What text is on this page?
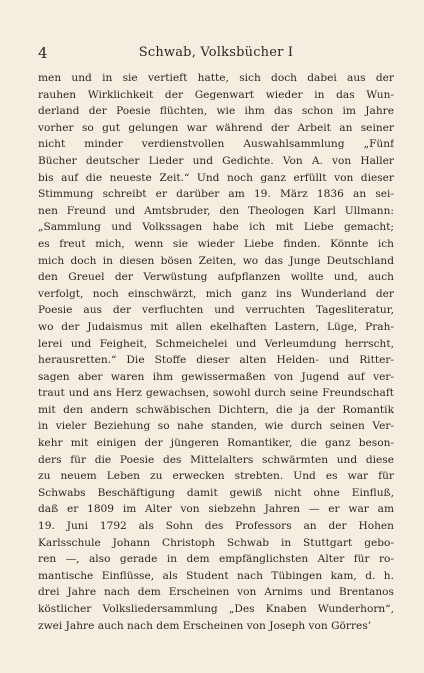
4	Schwab, Volksbücher I
men und in sie vertieft hatte, sich doch dabei aus der
rauhen Wirklichkeit der Gegenwart wieder in das Wun-
derland der Poesie flüchten, wie ihm das schon im Jahre
vorher so gut gelungen war während der Arbeit an seiner
nicht minder verdienstvollen Auswahlsammlung „Fünf
Bücher deutscher Lieder und Gedichte. Von A. von Haller
bis auf die neueste Zeit.“ Und noch ganz erfüllt von dieser
Stimmung schreibt er darüber am 19. März 1836 an sei-
nen Freund und Amtsbruder, den Theologen Karl Ullmann:
„Sammlung und Volkssagen habe ich mit Liebe gemacht;
es freut mich, wenn sie wieder Liebe finden. Könnte ich
mich doch in diesen bösen Zeiten, wo das Junge Deutschland
den Greuel der Verwüstung aufpflanzen wollte und, auch
verfolgt, noch einschwärzt, mich ganz ins Wunderland der
Poesie aus der verfluchten und verruchten Tagesliteratur,
wo der Judaismus mit allen ekelhaften Lastern, Lüge, Prah-
lerei und Feigheit, Schmeichelei und Verleumdung herrscht,
herausretten.“ Die Stoffe dieser alten Helden- und Ritter-
sagen aber waren ihm gewissermaßen von Jugend auf ver-
traut und ans Herz gewachsen, sowohl durch seine Freundschaft
mit den andern schwäbischen Dichtern, die ja der Romantik
in vieler Beziehung so nahe standen, wie durch seinen Ver-
kehr mit einigen der jüngeren Romantiker, die ganz beson-
ders für die Poesie des Mittelalters schwärmten und diese
zu neuem Leben zu erwecken strebten. Und es war für
Schwabs Beschäftigung damit gewiß nicht ohne Einfluß,
daß er 1809 im Alter von siebzehn Jahren — er war am
19. Juni 1792 als Sohn des Professors an der Hohen
Karlsschule Johann Christoph Schwab in Stuttgart gebo-
ren —, also gerade in dem empfänglichsten Alter für ro-
mantische Einflüsse, als Student nach Tübingen kam, d. h.
drei Jahre nach dem Erscheinen von Arnims und Brentanos
köstlicher Volksliedersammlung „Des Knaben Wunderhorn“,
zwei Jahre auch nach dem Erscheinen von Joseph von Görres’
